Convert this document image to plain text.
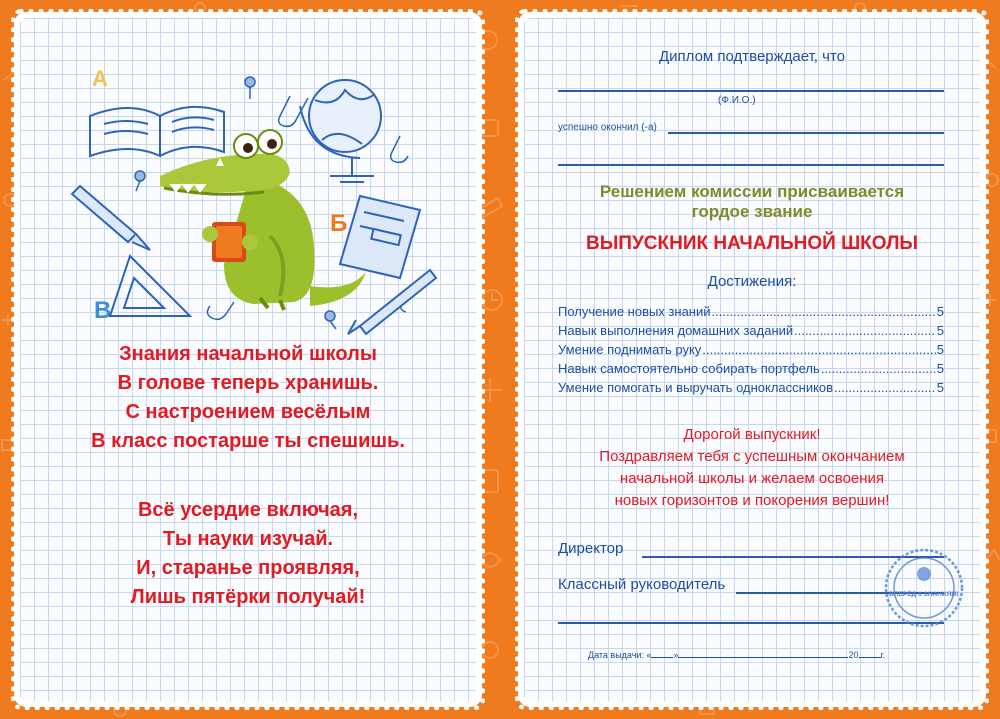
А
Б
В
Знания начальной школы
В голове теперь хранишь.
С настроением весёлым
В класс постарше ты спешишь.
Всё усердие включая,
Ты науки изучай.
И, старанье проявляя,
Лишь пятёрки получай!
Диплом подтверждает, что
(Ф.И.О.)
успешно окончил (-а)
Решением комиссии присваивается
гордое звание
ВЫПУСКНИК НАЧАЛЬНОЙ ШКОЛЫ
Достижения:
Получение новых знаний .....	5
Навык выполнения домашних заданий .....	5
Умение поднимать руку .....	5
Навык самостоятельно собирать портфель .....	5
Умение помогать и выручать одноклассников .....	5
Дорогой выпускник!
Поздравляем тебя с успешным окончанием
начальной школы и желаем освоения
новых горизонтов и покорения вершин!
Директор
Классный руководитель
ВПЕРЁД К ЗНАНИЯМ!
Дата выдачи: « »	20 г.
